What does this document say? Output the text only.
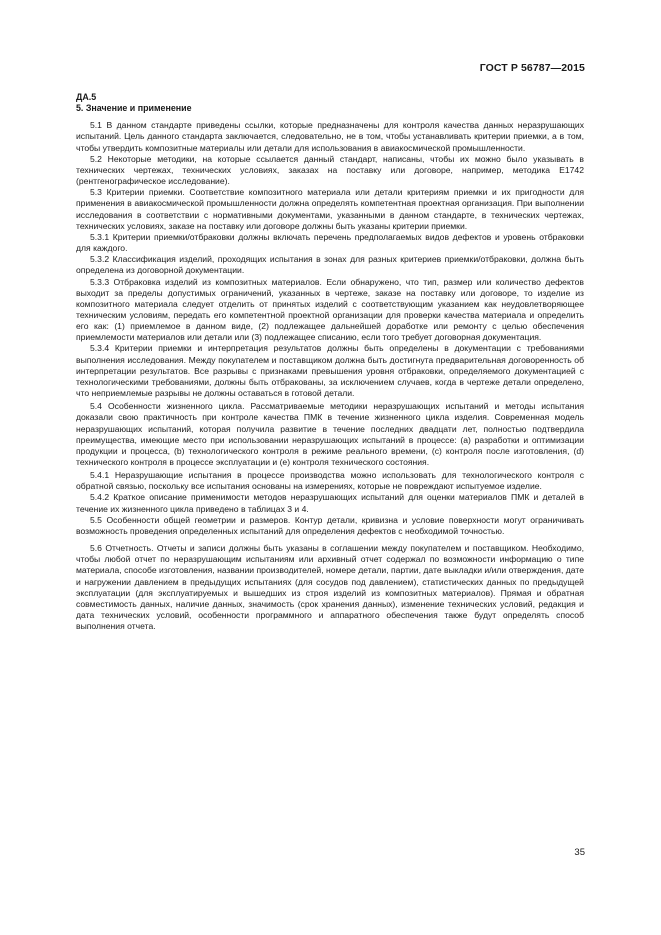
ГОСТ Р 56787—2015
ДА.5
5. Значение и применение

5.1 В данном стандарте приведены ссылки, которые предназначены для контроля качества данных неразрушающих испытаний. Цель данного стандарта заключается, следовательно, не в том, чтобы устанавливать критерии приемки, а в том, чтобы утвердить композитные материалы или детали для использования в авиакосмической промышленности.

5.2 Некоторые методики, на которые ссылается данный стандарт, написаны, чтобы их можно было указывать в технических чертежах, технических условиях, заказах на поставку или договоре, например, методика E1742 (рентгенографическое исследование).

5.3 Критерии приемки. Соответствие композитного материала или детали критериям приемки и их пригодности для применения в авиакосмической промышленности должна определять компетентная проектная организация. При выполнении исследования в соответствии с нормативными документами, указанными в данном стандарте, в технических чертежах, технических условиях, заказе на поставку или договоре должны быть указаны критерии приемки.

5.3.1 Критерии приемки/отбраковки должны включать перечень предполагаемых видов дефектов и уровень отбраковки для каждого.

5.3.2 Классификация изделий, проходящих испытания в зонах для разных критериев приемки/отбраковки, должна быть определена из договорной документации.

5.3.3 Отбраковка изделий из композитных материалов. Если обнаружено, что тип, размер или количество дефектов выходит за пределы допустимых ограничений, указанных в чертеже, заказе на поставку или договоре, то изделие из композитного материала следует отделить от принятых изделий с соответствующим указанием как неудовлетворяющее техническим условиям, передать его компетентной проектной организации для проверки качества материала и определить его как: (1) приемлемое в данном виде, (2) подлежащее дальнейшей доработке или ремонту с целью обеспечения приемлемости материалов или детали или (3) подлежащее списанию, если того требует договорная документация.

5.3.4 Критерии приемки и интерпретация результатов должны быть определены в документации с требованиями выполнения исследования. Между покупателем и поставщиком должна быть достигнута предварительная договоренность об интерпретации результатов. Все разрывы с признаками превышения уровня отбраковки, определяемого документацией с технологическими требованиями, должны быть отбракованы, за исключением случаев, когда в чертеже детали определено, что неприемлемые разрывы не должны оставаться в готовой детали.

5.4 Особенности жизненного цикла. Рассматриваемые методики неразрушающих испытаний и методы испытания доказали свою практичность при контроле качества ПМК в течение жизненного цикла изделия. Современная модель неразрушающих испытаний, которая получила развитие в течение последних двадцати лет, полностью подтвердила преимущества, имеющие место при использовании неразрушающих испытаний в процессе: (a) разработки и оптимизации продукции и процесса, (b) технологического контроля в режиме реального времени, (c) контроля после изготовления, (d) технического контроля в процессе эксплуатации и (e) контроля технического состояния.

5.4.1 Неразрушающие испытания в процессе производства можно использовать для технологического контроля с обратной связью, поскольку все испытания основаны на измерениях, которые не повреждают испытуемое изделие.

5.4.2 Краткое описание применимости методов неразрушающих испытаний для оценки материалов ПМК и деталей в течение их жизненного цикла приведено в таблицах 3 и 4.

5.5 Особенности общей геометрии и размеров. Контур детали, кривизна и условие поверхности могут ограничивать возможность проведения определенных испытаний для определения дефектов с необходимой точностью.

5.6 Отчетность. Отчеты и записи должны быть указаны в соглашении между покупателем и поставщиком. Необходимо, чтобы любой отчет по неразрушающим испытаниям или архивный отчет содержал по возможности информацию о типе материала, способе изготовления, названии производителей, номере детали, партии, дате выкладки и/или отверждения, дате и нагружении давлением в предыдущих испытаниях (для сосудов под давлением), статистических данных по предыдущей эксплуатации (для эксплуатируемых и вышедших из строя изделий из композитных материалов). Прямая и обратная совместимость данных, наличие данных, значимость (срок хранения данных), изменение технических условий, редакция и дата технических условий, особенности программного и аппаратного обеспечения также будут определять способ выполнения отчета.

35
